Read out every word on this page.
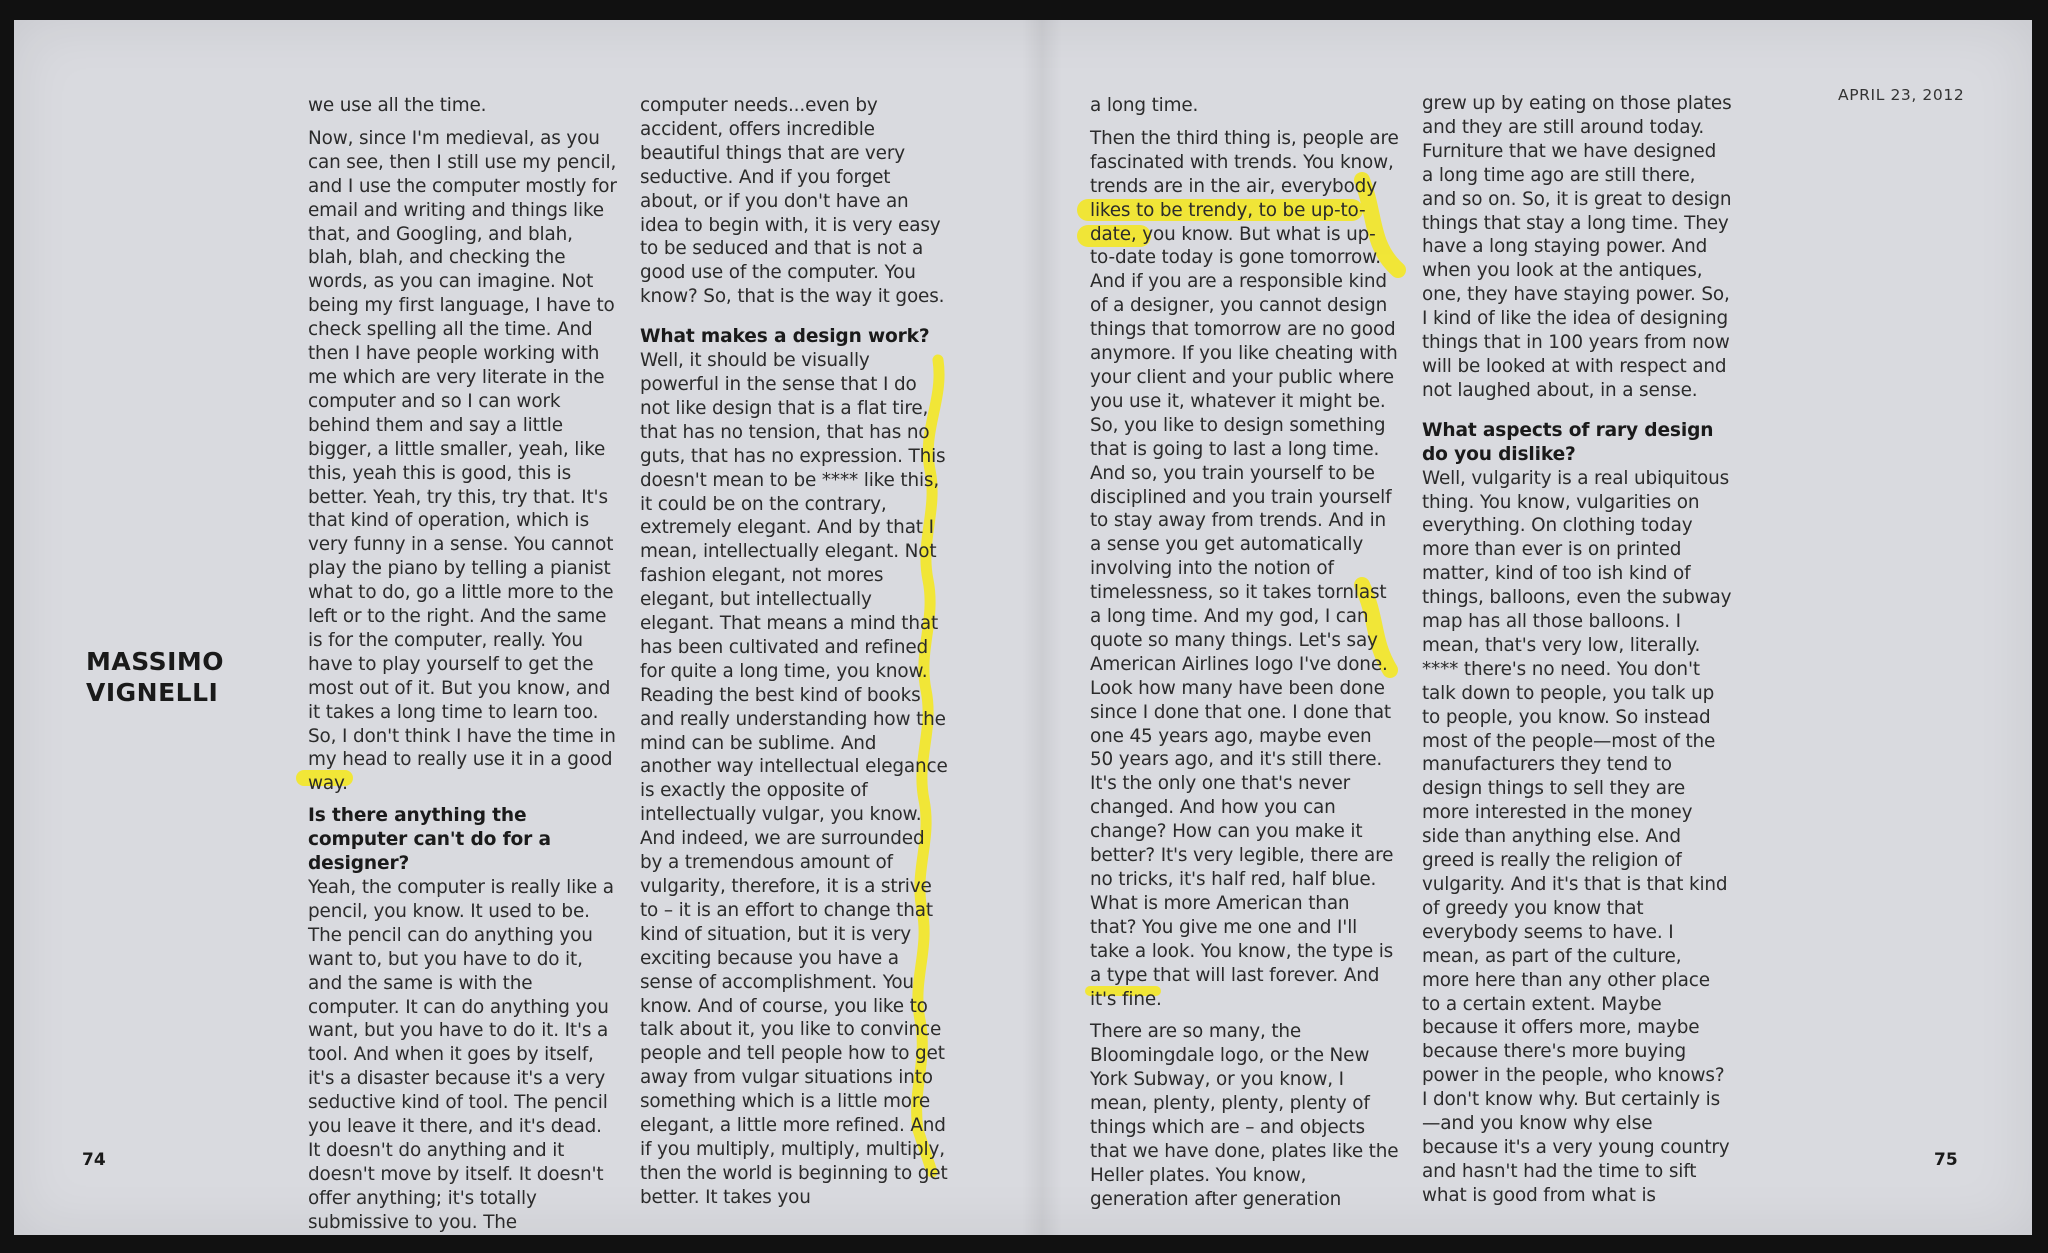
APRIL 23, 2012
MASSIMO
VIGNELLI
74	75

we use all the time.

Now, since I'm medieval, as you can see, then I still use my pencil, and I use the computer mostly for email and writing and things like that, and Googling, and blah, blah, blah, and checking the words, as you can imagine. Not being my first language, I have to check spelling all the time. And then I have people working with me which are very literate in the computer and so I can work behind them and say a little bigger, a little smaller, yeah, like this, yeah this is good, this is better. Yeah, try this, try that. It's that kind of operation, which is very funny in a sense. You cannot play the piano by telling a pianist what to do, go a little more to the left or to the right. And the same is for the computer, really. You have to play yourself to get the most out of it. But you know, and it takes a long time to learn too. So, I don't think I have the time in my head to really use it in a good way.

Is there anything the computer can't do for a designer?

Yeah, the computer is really like a pencil, you know. It used to be. The pencil can do anything you want to, but you have to do it, and the same is with the computer. It can do anything you want, but you have to do it. It's a tool. And when it goes by itself, it's a disaster because it's a very seductive kind of tool. The pencil you leave it there, and it's dead. It doesn't do anything and it doesn't move by itself. It doesn't offer anything; it's totally submissive to you. The

computer needs...even by accident, offers incredible beautiful things that are very seductive. And if you forget about, or if you don't have an idea to begin with, it is very easy to be seduced and that is not a good use of the computer. You know? So, that is the way it goes.

What makes a design work?

Well, it should be visually powerful in the sense that I do not like design that is a flat tire, that has no tension, that has no guts, that has no expression. This doesn't mean to be **** like this, it could be on the contrary, extremely elegant. And by that I mean, intellectually elegant. Not fashion elegant, not mores elegant, but intellectually elegant. That means a mind that has been cultivated and refined for quite a long time, you know. Reading the best kind of books and really understanding how the mind can be sublime. And another way intellectual elegance is exactly the opposite of intellectually vulgar, you know. And indeed, we are surrounded by a tremendous amount of vulgarity, therefore, it is a strive to – it is an effort to change that kind of situation, but it is very exciting because you have a sense of accomplishment. You know. And of course, you like to talk about it, you like to convince people and tell people how to get away from vulgar situations into something which is a little more elegant, a little more refined. And if you multiply, multiply, multiply, then the world is beginning to get better. It takes you

a long time.

Then the third thing is, people are fascinated with trends. You know, trends are in the air, everybody likes to be trendy, to be up-to-date, you know. But what is up-to-date today is gone tomorrow. And if you are a responsible kind of a designer, you cannot design things that tomorrow are no good anymore. If you like cheating with your client and your public where you use it, whatever it might be. So, you like to design something that is going to last a long time. And so, you train yourself to be disciplined and you train yourself to stay away from trends. And in a sense you get automatically involving into the notion of timelessness, so it takes tornlast a long time. And my god, I can quote so many things. Let's say American Airlines logo I've done. Look how many have been done since I done that one. I done that one 45 years ago, maybe even 50 years ago, and it's still there. It's the only one that's never changed. And how you can change? How can you make it better? It's very legible, there are no tricks, it's half red, half blue. What is more American than that? You give me one and I'll take a look. You know, the type is a type that will last forever. And it's fine.

There are so many, the Bloomingdale logo, or the New York Subway, or you know, I mean, plenty, plenty, plenty of things which are – and objects that we have done, plates like the Heller plates. You know, generation after generation

grew up by eating on those plates and they are still around today. Furniture that we have designed a long time ago are still there, and so on. So, it is great to design things that stay a long time. They have a long staying power. And when you look at the antiques, one, they have staying power. So, I kind of like the idea of designing things that in 100 years from now will be looked at with respect and not laughed about, in a sense.

What aspects of rary design do you dislike?

Well, vulgarity is a real ubiquitous thing. You know, vulgarities on everything. On clothing today more than ever is on printed matter, kind of too ish kind of things, balloons, even the subway map has all those balloons. I mean, that's very low, literally. **** there's no need. You don't talk down to people, you talk up to people, you know. So instead most of the people—most of the manufacturers they tend to design things to sell they are more interested in the money side than anything else. And greed is really the religion of vulgarity. And it's that is that kind of greedy you know that everybody seems to have. I mean, as part of the culture, more here than any other place to a certain extent. Maybe because it offers more, maybe because there's more buying power in the people, who knows? I don't know why. But certainly is—and you know why else because it's a very young country and hasn't had the time to sift what is good from what is
